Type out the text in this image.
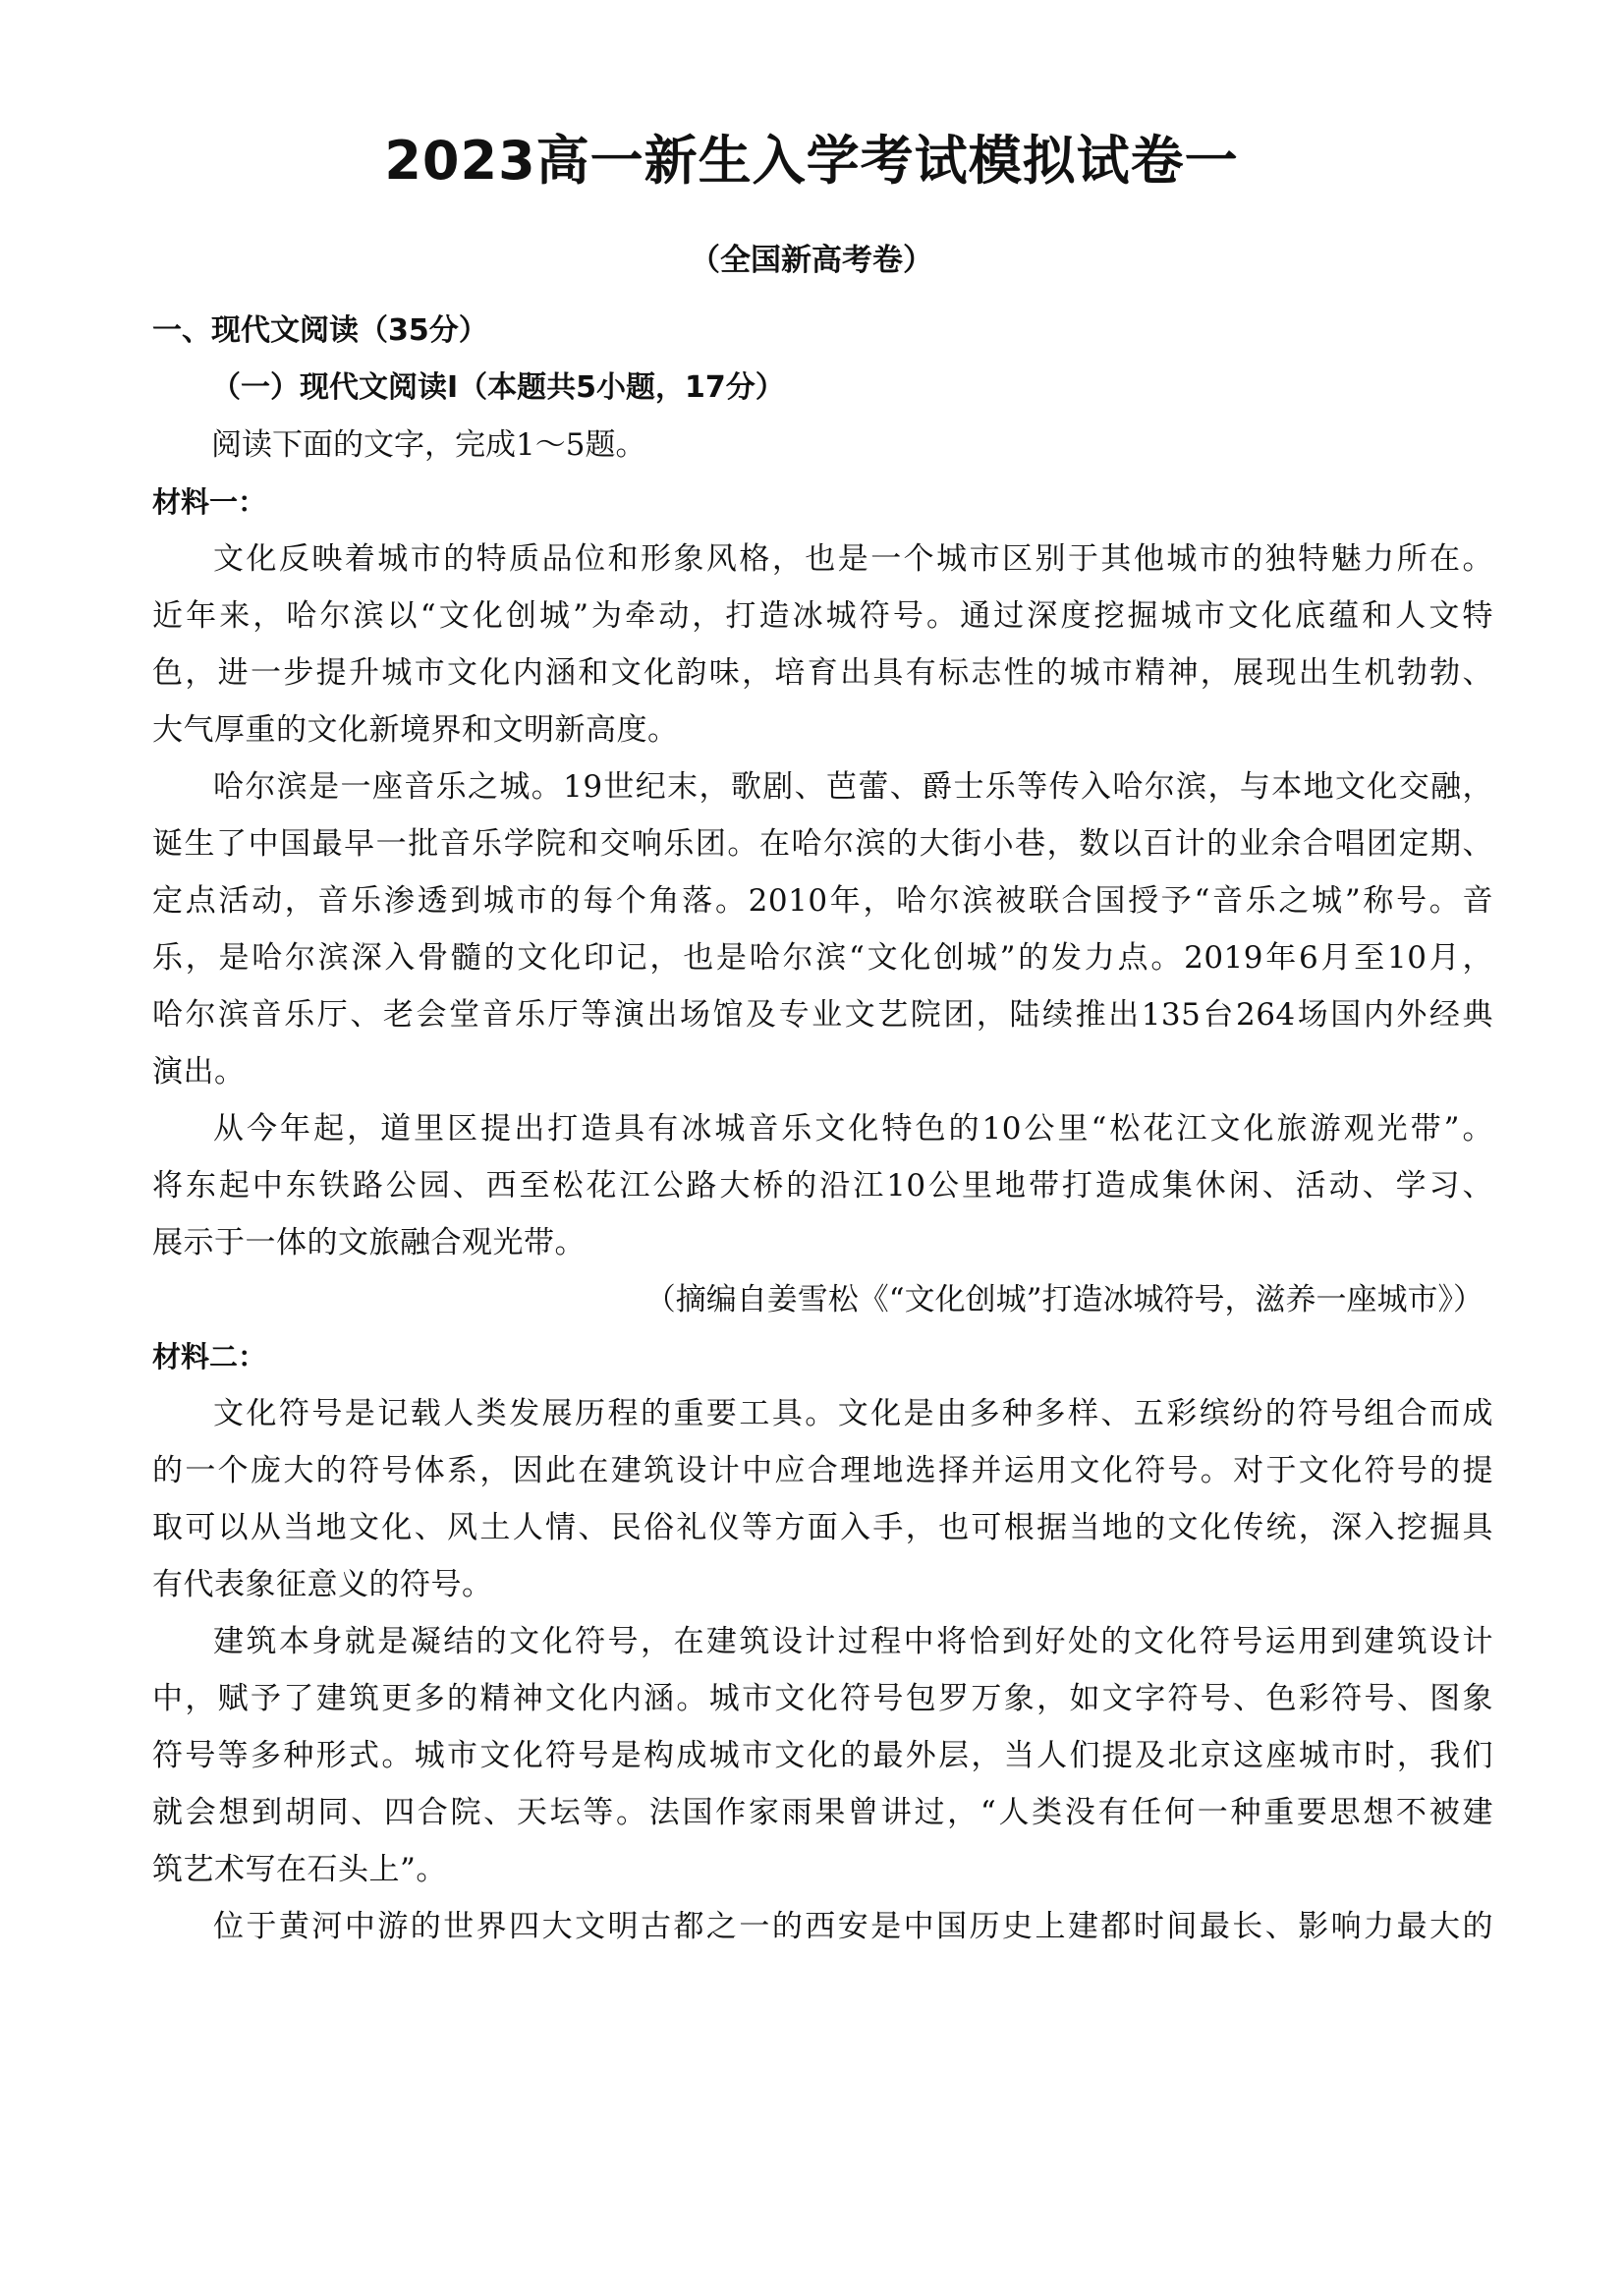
2023高一新生入学考试模拟试卷一
（全国新高考卷）
一、现代文阅读（35分）
（一）现代文阅读Ⅰ（本题共5小题，17分）
阅读下面的文字，完成1～5题。
材料一：
文化反映着城市的特质品位和形象风格，也是一个城市区别于其他城市的独特魅力所在。
近年来，哈尔滨以“文化创城”为牵动，打造冰城符号。通过深度挖掘城市文化底蕴和人文特
色，进一步提升城市文化内涵和文化韵味，培育出具有标志性的城市精神，展现出生机勃勃、
大气厚重的文化新境界和文明新高度。
哈尔滨是一座音乐之城。19世纪末，歌剧、芭蕾、爵士乐等传入哈尔滨，与本地文化交融，
诞生了中国最早一批音乐学院和交响乐团。在哈尔滨的大街小巷，数以百计的业余合唱团定期、
定点活动，音乐渗透到城市的每个角落。2010年，哈尔滨被联合国授予“音乐之城”称号。音
乐，是哈尔滨深入骨髓的文化印记，也是哈尔滨“文化创城”的发力点。2019年6月至10月，
哈尔滨音乐厅、老会堂音乐厅等演出场馆及专业文艺院团，陆续推出135台264场国内外经典
演出。
从今年起，道里区提出打造具有冰城音乐文化特色的10公里“松花江文化旅游观光带”。
将东起中东铁路公园、西至松花江公路大桥的沿江10公里地带打造成集休闲、活动、学习、
展示于一体的文旅融合观光带。
（摘编自姜雪松《“文化创城”打造冰城符号，滋养一座城市》）
材料二：
文化符号是记载人类发展历程的重要工具。文化是由多种多样、五彩缤纷的符号组合而成
的一个庞大的符号体系，因此在建筑设计中应合理地选择并运用文化符号。对于文化符号的提
取可以从当地文化、风土人情、民俗礼仪等方面入手，也可根据当地的文化传统，深入挖掘具
有代表象征意义的符号。
建筑本身就是凝结的文化符号，在建筑设计过程中将恰到好处的文化符号运用到建筑设计
中，赋予了建筑更多的精神文化内涵。城市文化符号包罗万象，如文字符号、色彩符号、图象
符号等多种形式。城市文化符号是构成城市文化的最外层，当人们提及北京这座城市时，我们
就会想到胡同、四合院、天坛等。法国作家雨果曾讲过，“人类没有任何一种重要思想不被建
筑艺术写在石头上”。
位于黄河中游的世界四大文明古都之一的西安是中国历史上建都时间最长、影响力最大的
